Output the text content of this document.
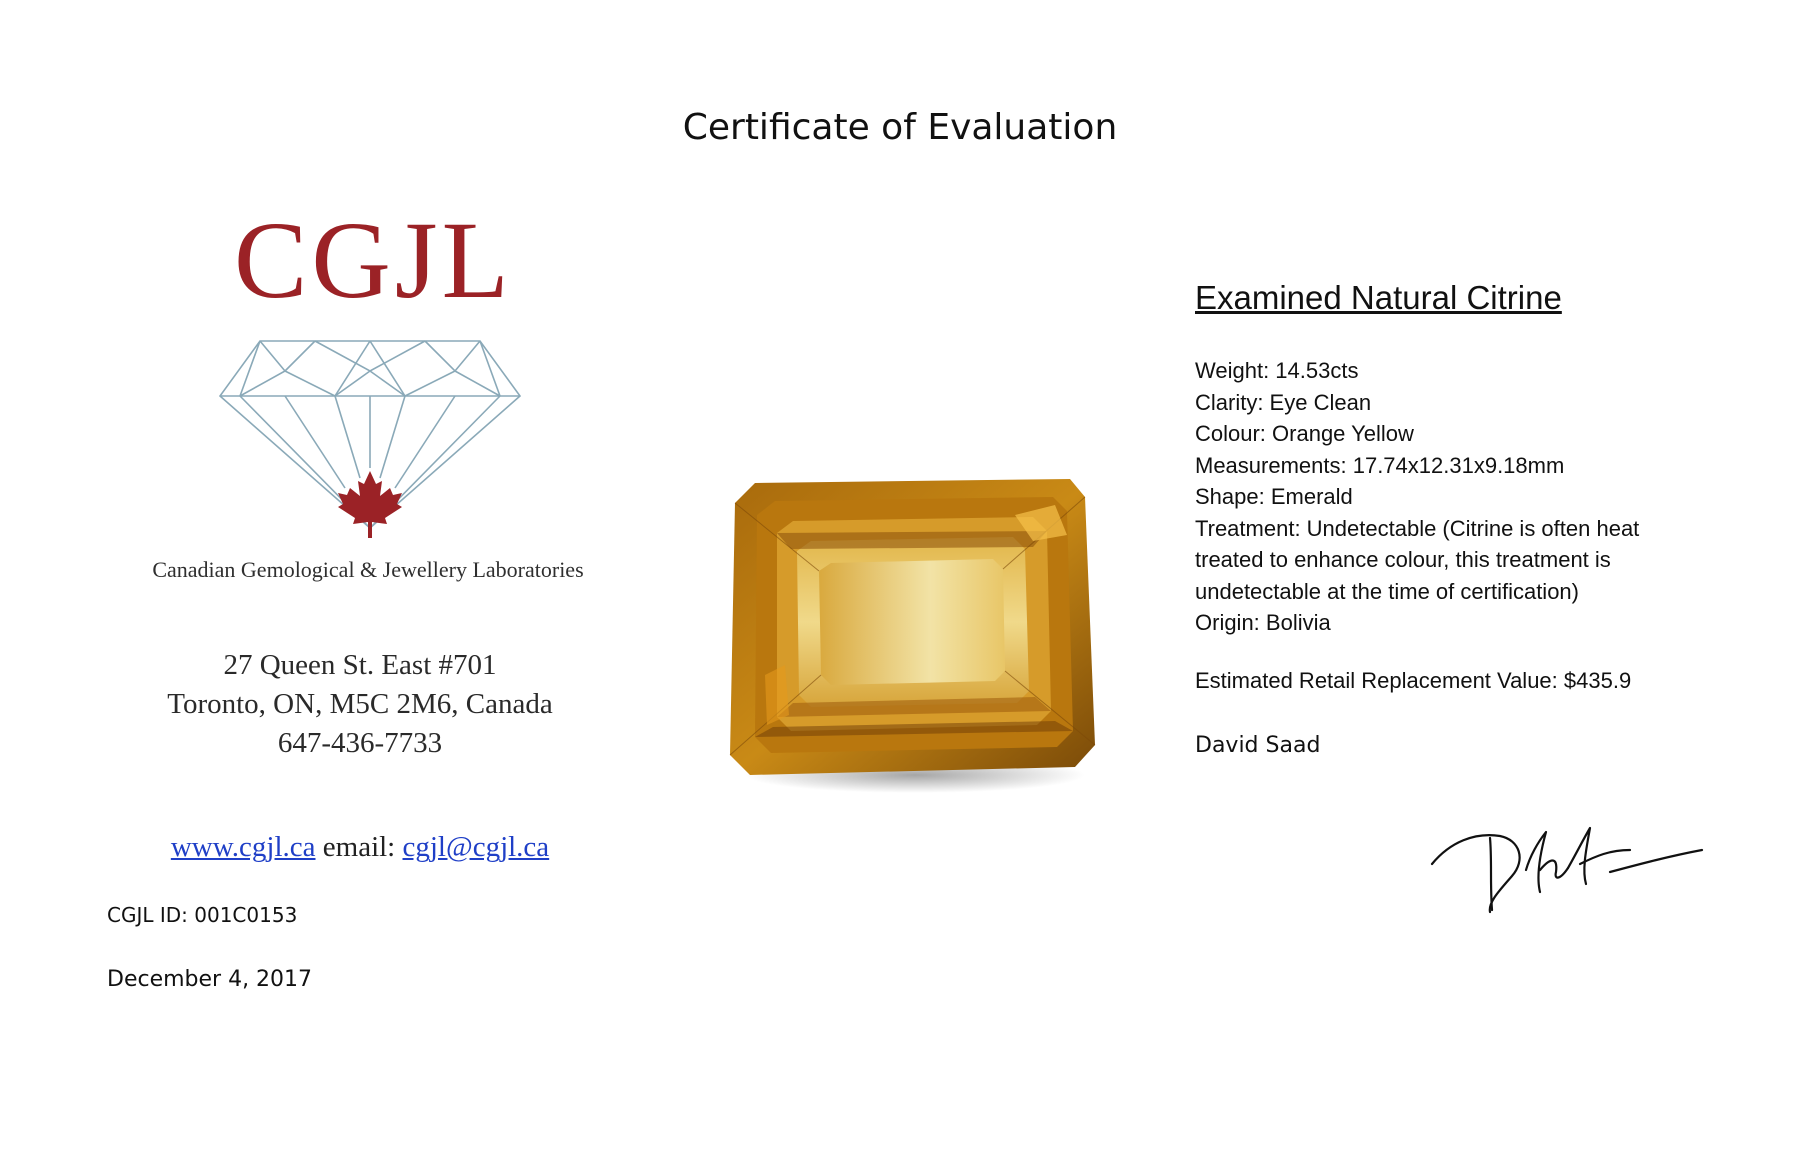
Certificate of Evaluation
CGJL
Canadian Gemological & Jewellery Laboratories
27 Queen St. East #701
Toronto, ON, M5C 2M6, Canada
647-436-7733
www.cgjl.ca email: cgjl@cgjl.ca
CGJL ID: 001C0153
December 4, 2017
Examined Natural Citrine
Weight: 14.53cts
Clarity: Eye Clean
Colour: Orange Yellow
Measurements: 17.74x12.31x9.18mm
Shape: Emerald
Treatment: Undetectable (Citrine is often heat treated to enhance colour, this treatment is undetectable at the time of certification)
Origin: Bolivia
Estimated Retail Replacement Value: $435.9
David Saad
